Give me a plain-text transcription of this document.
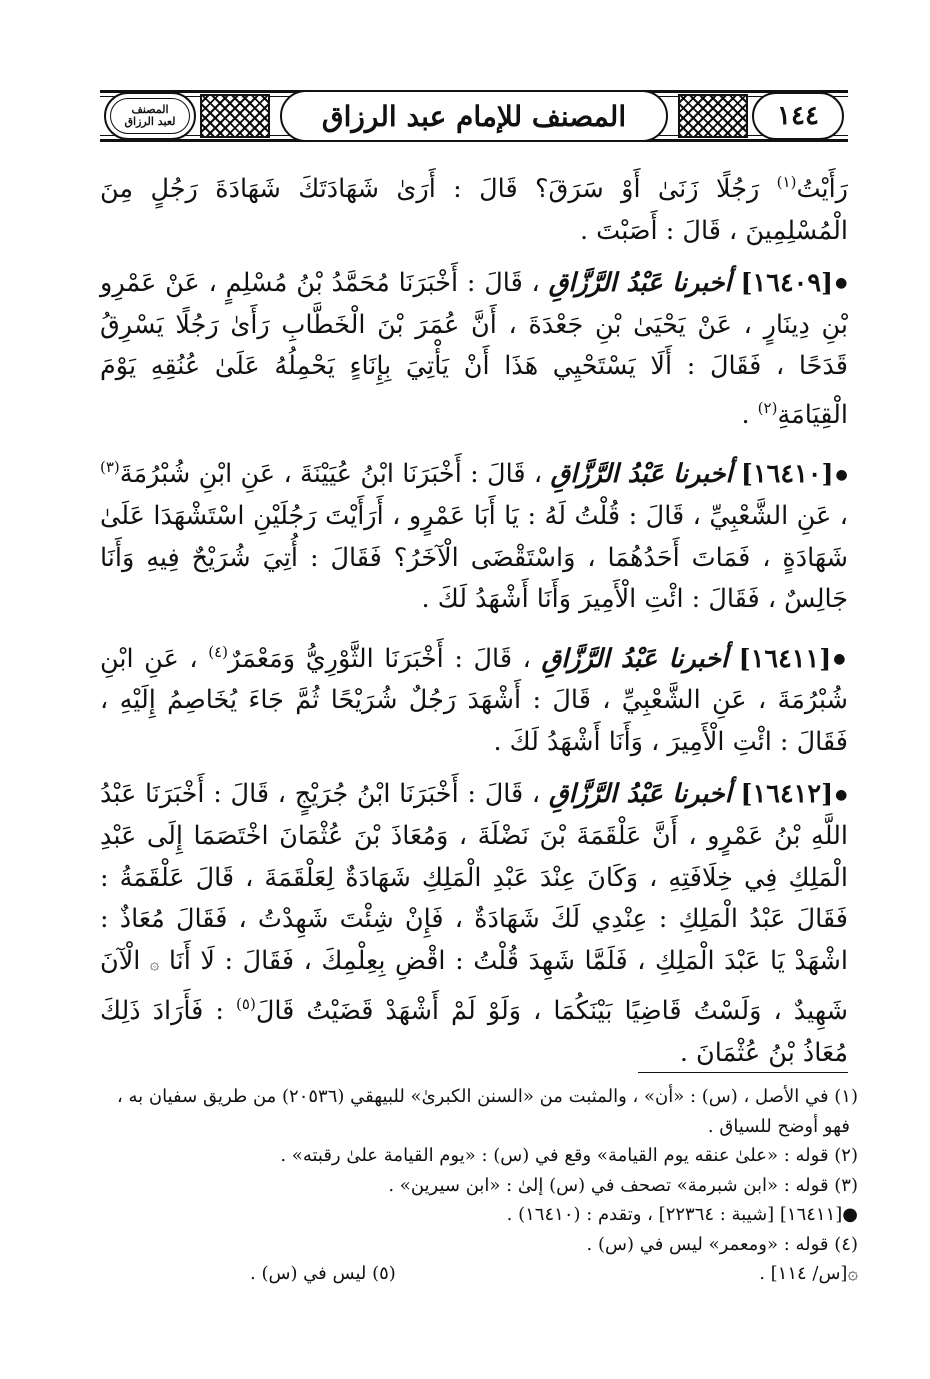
١٤٤
المصنف للإمام عبد الرزاق
المصنف
لعبد الرزاق

رَأَيْتُ$^{(١)}$ رَجُلًا زَنَىٰ أَوْ سَرَقَ؟ قَالَ : أَرَىٰ شَهَادَتَكَ شَهَادَةَ رَجُلٍ مِنَ الْمُسْلِمِينَ ، قَالَ : أَصَبْتَ .

●[١٦٤٠٩] أخبرنا عَبْدُ الرَّزَّاقِ ، قَالَ : أَخْبَرَنَا مُحَمَّدُ بْنُ مُسْلِمٍ ، عَنْ عَمْرِو بْنِ دِينَارٍ ، عَنْ يَحْيَىٰ بْنِ جَعْدَةَ ، أَنَّ عُمَرَ بْنَ الْخَطَّابِ رَأَىٰ رَجُلًا يَسْرِقُ قَدَحًا ، فَقَالَ : أَلَا يَسْتَحْيِي هَذَا أَنْ يَأْتِيَ بِإِنَاءٍ يَحْمِلُهُ عَلَىٰ عُنُقِهِ يَوْمَ الْقِيَامَةِ$^{(٢)}$ .

●[١٦٤١٠] أخبرنا عَبْدُ الرَّزَّاقِ ، قَالَ : أَخْبَرَنَا ابْنُ عُيَيْنَةَ ، عَنِ ابْنِ شُبْرُمَةَ$^{(٣)}$ ، عَنِ الشَّعْبِيِّ ، قَالَ : قُلْتُ لَهُ : يَا أَبَا عَمْرٍو ، أَرَأَيْتَ رَجُلَيْنِ اسْتَشْهَدَا عَلَىٰ شَهَادَةٍ ، فَمَاتَ أَحَدُهُمَا ، وَاسْتَقْضَى الْآخَرُ؟ فَقَالَ : أُتِيَ شُرَيْحٌ فِيهِ وَأَنَا جَالِسٌ ، فَقَالَ : ائْتِ الْأَمِيرَ وَأَنَا أَشْهَدُ لَكَ .

●[١٦٤١١] أخبرنا عَبْدُ الرَّزَّاقِ ، قَالَ : أَخْبَرَنَا الثَّوْرِيُّ وَمَعْمَرٌ$^{(٤)}$ ، عَنِ ابْنِ شُبْرُمَةَ ، عَنِ الشَّعْبِيِّ ، قَالَ : أَشْهَدَ رَجُلٌ شُرَيْحًا ثُمَّ جَاءَ يُخَاصِمُ إِلَيْهِ ، فَقَالَ : ائْتِ الْأَمِيرَ ، وَأَنَا أَشْهَدُ لَكَ .

●[١٦٤١٢] أخبرنا عَبْدُ الرَّزَّاقِ ، قَالَ : أَخْبَرَنَا ابْنُ جُرَيْجٍ ، قَالَ : أَخْبَرَنَا عَبْدُ اللَّهِ بْنُ عَمْرٍو ، أَنَّ عَلْقَمَةَ بْنَ نَضْلَةَ ، وَمُعَاذَ بْنَ عُثْمَانَ اخْتَصَمَا إِلَى عَبْدِ الْمَلِكِ فِي خِلَافَتِهِ ، وَكَانَ عِنْدَ عَبْدِ الْمَلِكِ شَهَادَةٌ لِعَلْقَمَةَ ، قَالَ عَلْقَمَةُ : فَقَالَ عَبْدُ الْمَلِكِ : عِنْدِي لَكَ شَهَادَةٌ ، فَإِنْ شِئْتَ شَهِدْتُ ، فَقَالَ مُعَاذٌ : اشْهَدْ يَا عَبْدَ الْمَلِكِ ، فَلَمَّا شَهِدَ قُلْتُ : اقْضِ بِعِلْمِكَ ، فَقَالَ : لَا أَنَا ۞ الْآنَ شَهِيدٌ ، وَلَسْتُ قَاضِيًا بَيْنَكُمَا ، وَلَوْ لَمْ أَشْهَدْ قَضَيْتُ قَالَ$^{(٥)}$ : فَأَرَادَ ذَلِكَ مُعَاذُ بْنُ عُثْمَانَ .

(١) في الأصل ، (س) : «أن» ، والمثبت من «السنن الكبرىٰ» للبيهقي (٢٠٥٣٦) من طريق سفيان به ،

فهو أوضح للسياق .

(٢) قوله : «علىٰ عنقه يوم القيامة» وقع في (س) : «يوم القيامة علىٰ رقبته» .

(٣) قوله : «ابن شبرمة» تصحف في (س) إلىٰ : «ابن سيرين» .

●[١٦٤١١] [شيبة : ٢٢٣٦٤] ، وتقدم : (١٦٤١٠) .

(٤) قوله : «ومعمر» ليس في (س) .

۞[س/ ١١٤] .
(٥) ليس في (س) .
